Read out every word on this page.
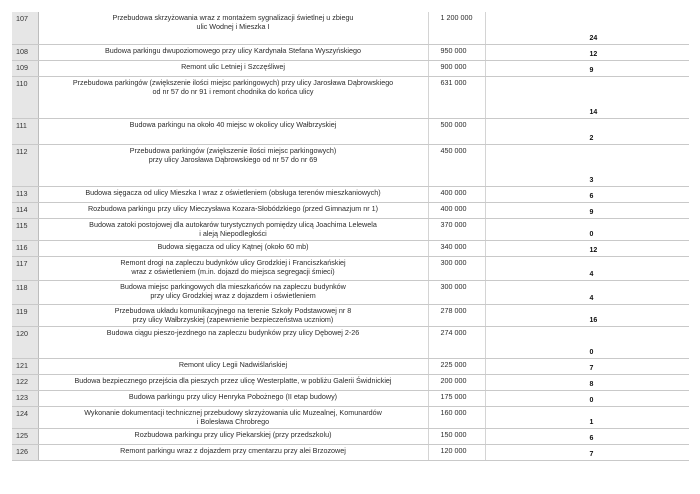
107	Przebudowa skrzyżowania wraz z montażem sygnalizacji świetlnej u zbiegu
ulic Wodnej i Mieszka I	1 200 000	24
108	Budowa parkingu dwupoziomowego przy ulicy Kardynała Stefana Wyszyńskiego	950 000	12
109	Remont ulic Letniej i Szczęśliwej	900 000	9
110	Przebudowa parkingów (zwiększenie ilości miejsc parkingowych) przy ulicy Jarosława Dąbrowskiego
od nr 57 do nr 91 i remont chodnika do końca ulicy	631 000	14
111	Budowa parkingu na około 40 miejsc w okolicy ulicy Wałbrzyskiej	500 000	2
112	Przebudowa parkingów (zwiększenie ilości miejsc parkingowych)
przy ulicy Jarosława Dąbrowskiego od nr 57 do nr 69	450 000	3
113	Budowa sięgacza od ulicy Mieszka I wraz z oświetleniem (obsługa terenów mieszkaniowych)	400 000	6
114	Rozbudowa parkingu przy ulicy Mieczysława Kozara-Słobódzkiego (przed Gimnazjum nr 1)	400 000	9
115	Budowa zatoki postojowej dla autokarów turystycznych pomiędzy ulicą Joachima Lelewela
i aleją Niepodległości	370 000	0
116	Budowa sięgacza od ulicy Kątnej (około 60 mb)	340 000	12
117	Remont drogi na zapleczu budynków ulicy Grodzkiej i Franciszkańskiej
wraz z oświetleniem (m.in. dojazd do miejsca segregacji śmieci)	300 000	4
118	Budowa miejsc parkingowych dla mieszkańców na zapleczu budynków
przy ulicy Grodzkiej wraz z dojazdem i oświetleniem	300 000	4
119	Przebudowa układu komunikacyjnego na terenie Szkoły Podstawowej nr 8
przy ulicy Wałbrzyskiej (zapewnienie bezpieczeństwa uczniom)	278 000	16
120	Budowa ciągu pieszo-jezdnego na zapleczu budynków przy ulicy Dębowej 2-26	274 000	0
121	Remont ulicy Legii Nadwiślańskiej	225 000	7
122	Budowa bezpiecznego przejścia dla pieszych przez ulicę Westerplatte, w pobliżu Galerii Świdnickiej	200 000	8
123	Budowa parkingu przy ulicy Henryka Pobożnego (II etap budowy)	175 000	0
124	Wykonanie dokumentacji technicznej przebudowy skrzyżowania ulic Muzealnej, Komunardów
i Bolesława Chrobrego	160 000	1
125	Rozbudowa parkingu przy ulicy Piekarskiej (przy przedszkolu)	150 000	6
126	Remont parkingu wraz z dojazdem przy cmentarzu przy alei Brzozowej	120 000	7
